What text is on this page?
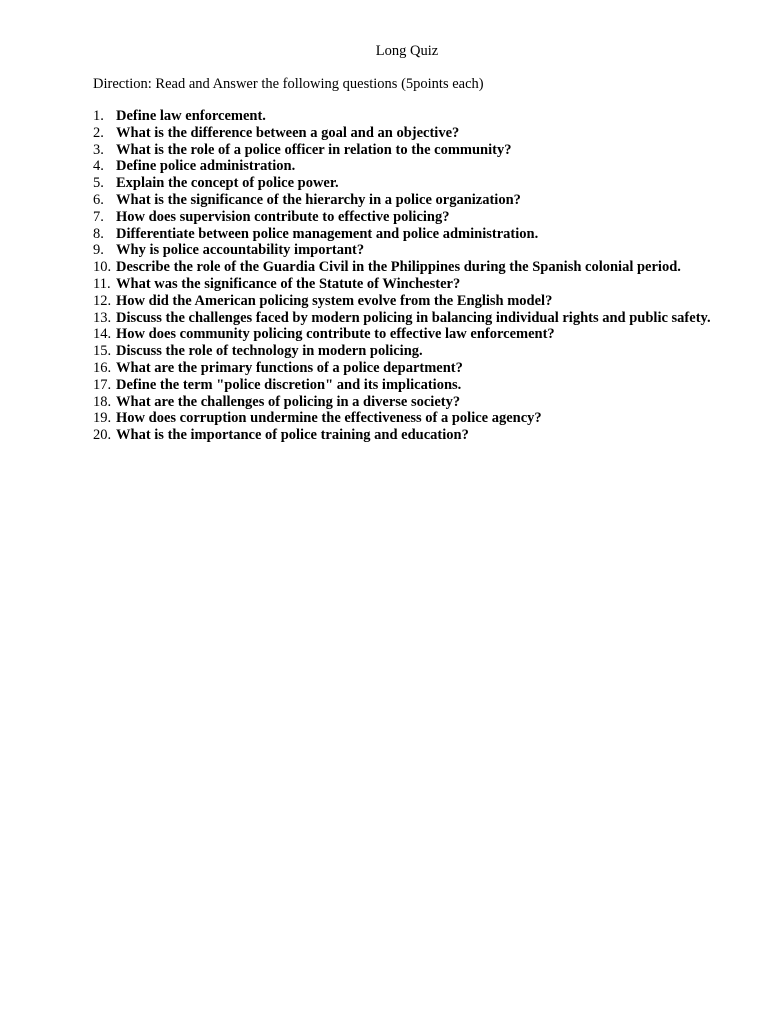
Long Quiz
Direction: Read and Answer the following questions (5points each)
1. Define law enforcement.
2. What is the difference between a goal and an objective?
3. What is the role of a police officer in relation to the community?
4. Define police administration.
5. Explain the concept of police power.
6. What is the significance of the hierarchy in a police organization?
7. How does supervision contribute to effective policing?
8. Differentiate between police management and police administration.
9. Why is police accountability important?
10. Describe the role of the Guardia Civil in the Philippines during the Spanish colonial period.
11. What was the significance of the Statute of Winchester?
12. How did the American policing system evolve from the English model?
13. Discuss the challenges faced by modern policing in balancing individual rights and public safety.
14. How does community policing contribute to effective law enforcement?
15. Discuss the role of technology in modern policing.
16. What are the primary functions of a police department?
17. Define the term "police discretion" and its implications.
18. What are the challenges of policing in a diverse society?
19. How does corruption undermine the effectiveness of a police agency?
20. What is the importance of police training and education?
